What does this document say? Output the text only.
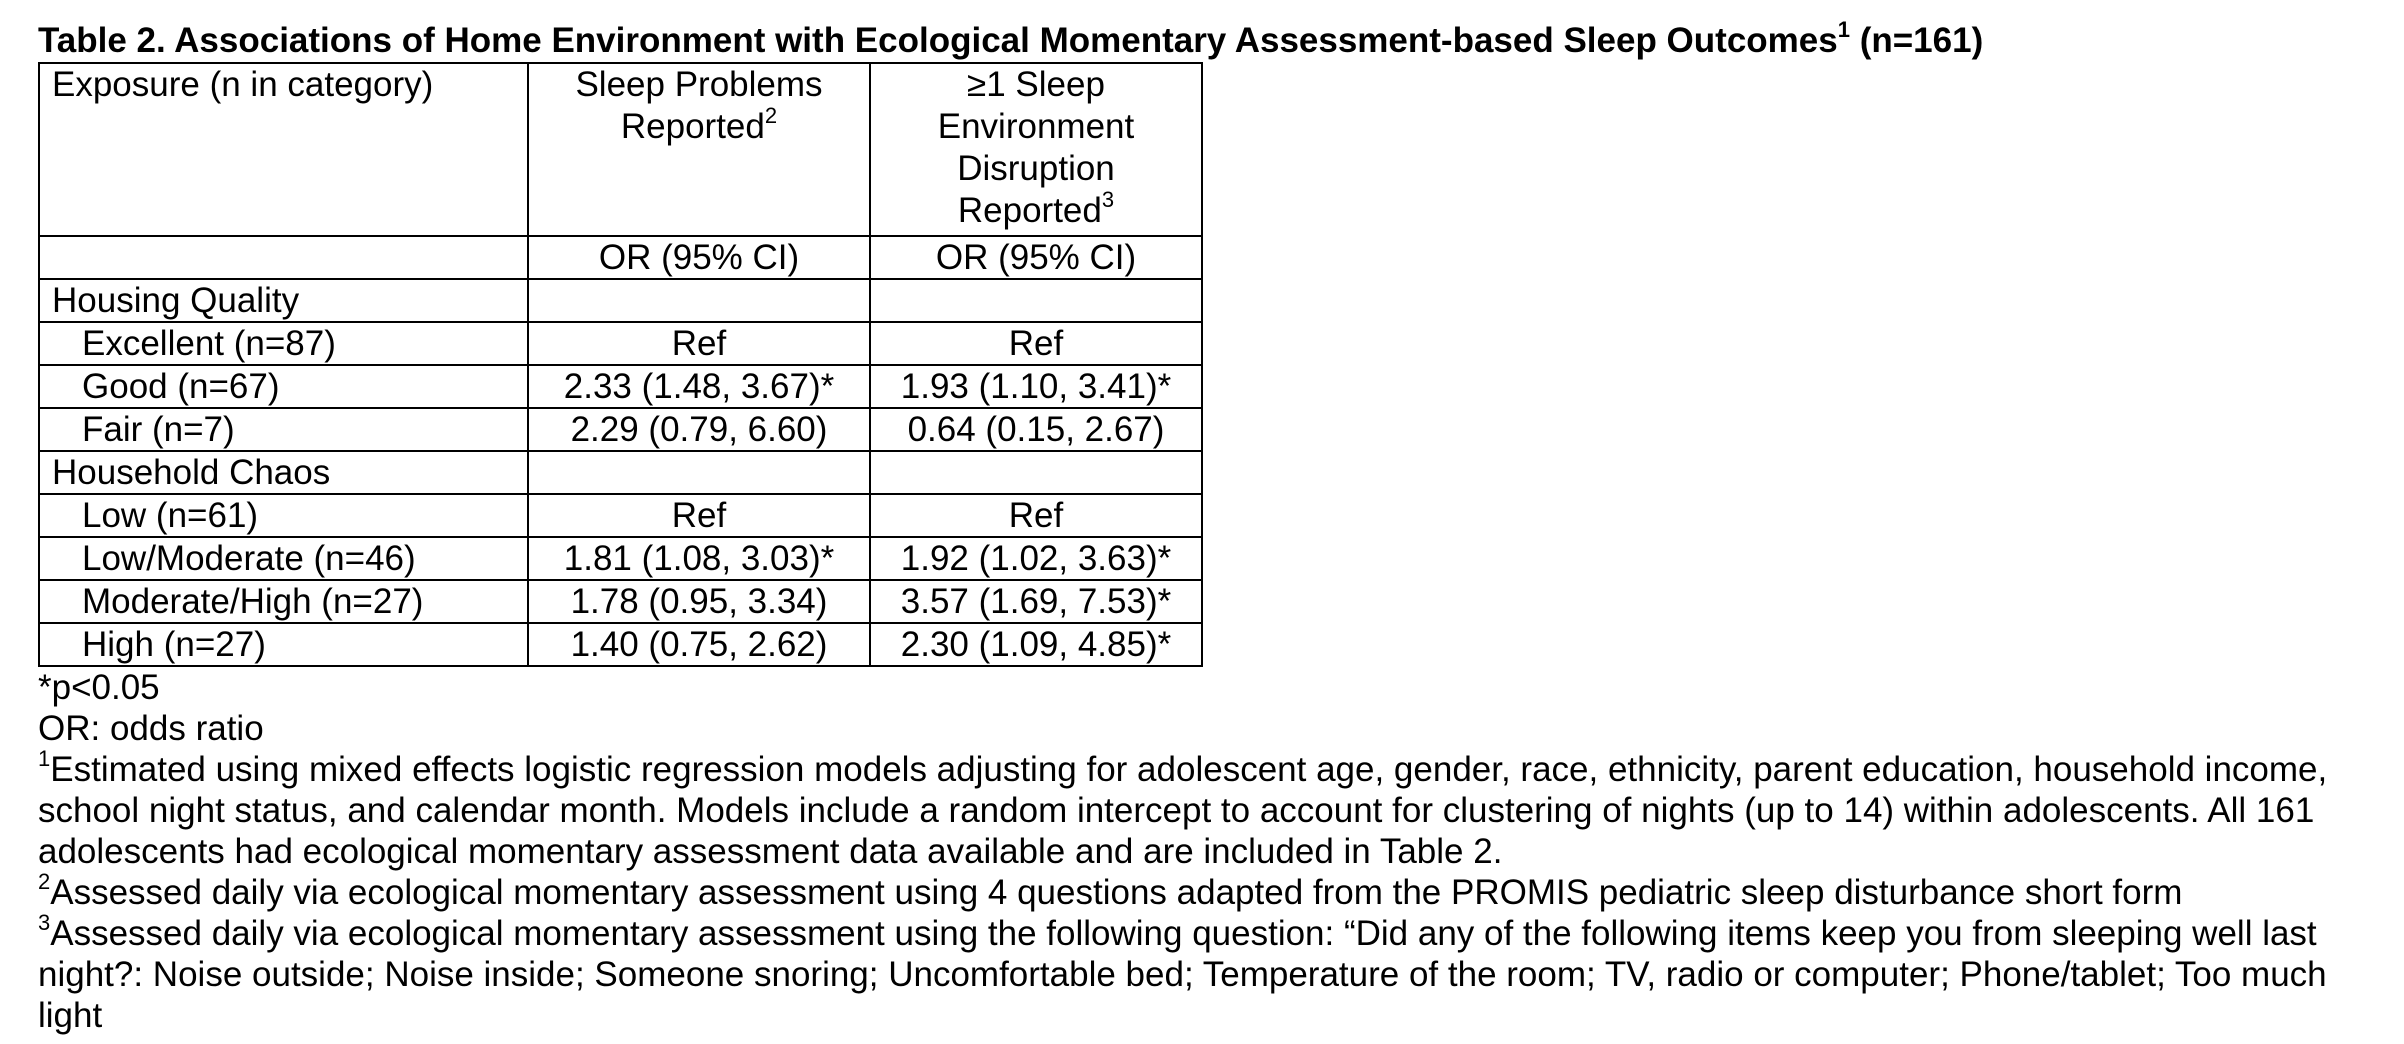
Table 2. Associations of Home Environment with Ecological Momentary Assessment-based Sleep Outcomes$^1$ (n=161)
Exposure (n in category)	Sleep Problems Reported$^2$	≥1 Sleep Environment Disruption Reported$^3$
	OR (95% CI)	OR (95% CI)
Housing Quality		
Excellent (n=87)	Ref	Ref
Good (n=67)	2.33 (1.48, 3.67)*	1.93 (1.10, 3.41)*
Fair (n=7)	2.29 (0.79, 6.60)	0.64 (0.15, 2.67)
Household Chaos		
Low (n=61)	Ref	Ref
Low/Moderate (n=46)	1.81 (1.08, 3.03)*	1.92 (1.02, 3.63)*
Moderate/High (n=27)	1.78 (0.95, 3.34)	3.57 (1.69, 7.53)*
High (n=27)	1.40 (0.75, 2.62)	2.30 (1.09, 4.85)*

*p<0.05

OR: odds ratio

$^1$Estimated using mixed effects logistic regression models adjusting for adolescent age, gender, race, ethnicity, parent education, household income, school night status, and calendar month. Models include a random intercept to account for clustering of nights (up to 14) within adolescents. All 161 adolescents had ecological momentary assessment data available and are included in Table 2.

$^2$Assessed daily via ecological momentary assessment using 4 questions adapted from the PROMIS pediatric sleep disturbance short form

$^3$Assessed daily via ecological momentary assessment using the following question: “Did any of the following items keep you from sleeping well last night?: Noise outside; Noise inside; Someone snoring; Uncomfortable bed; Temperature of the room; TV, radio or computer; Phone/tablet; Too much light
